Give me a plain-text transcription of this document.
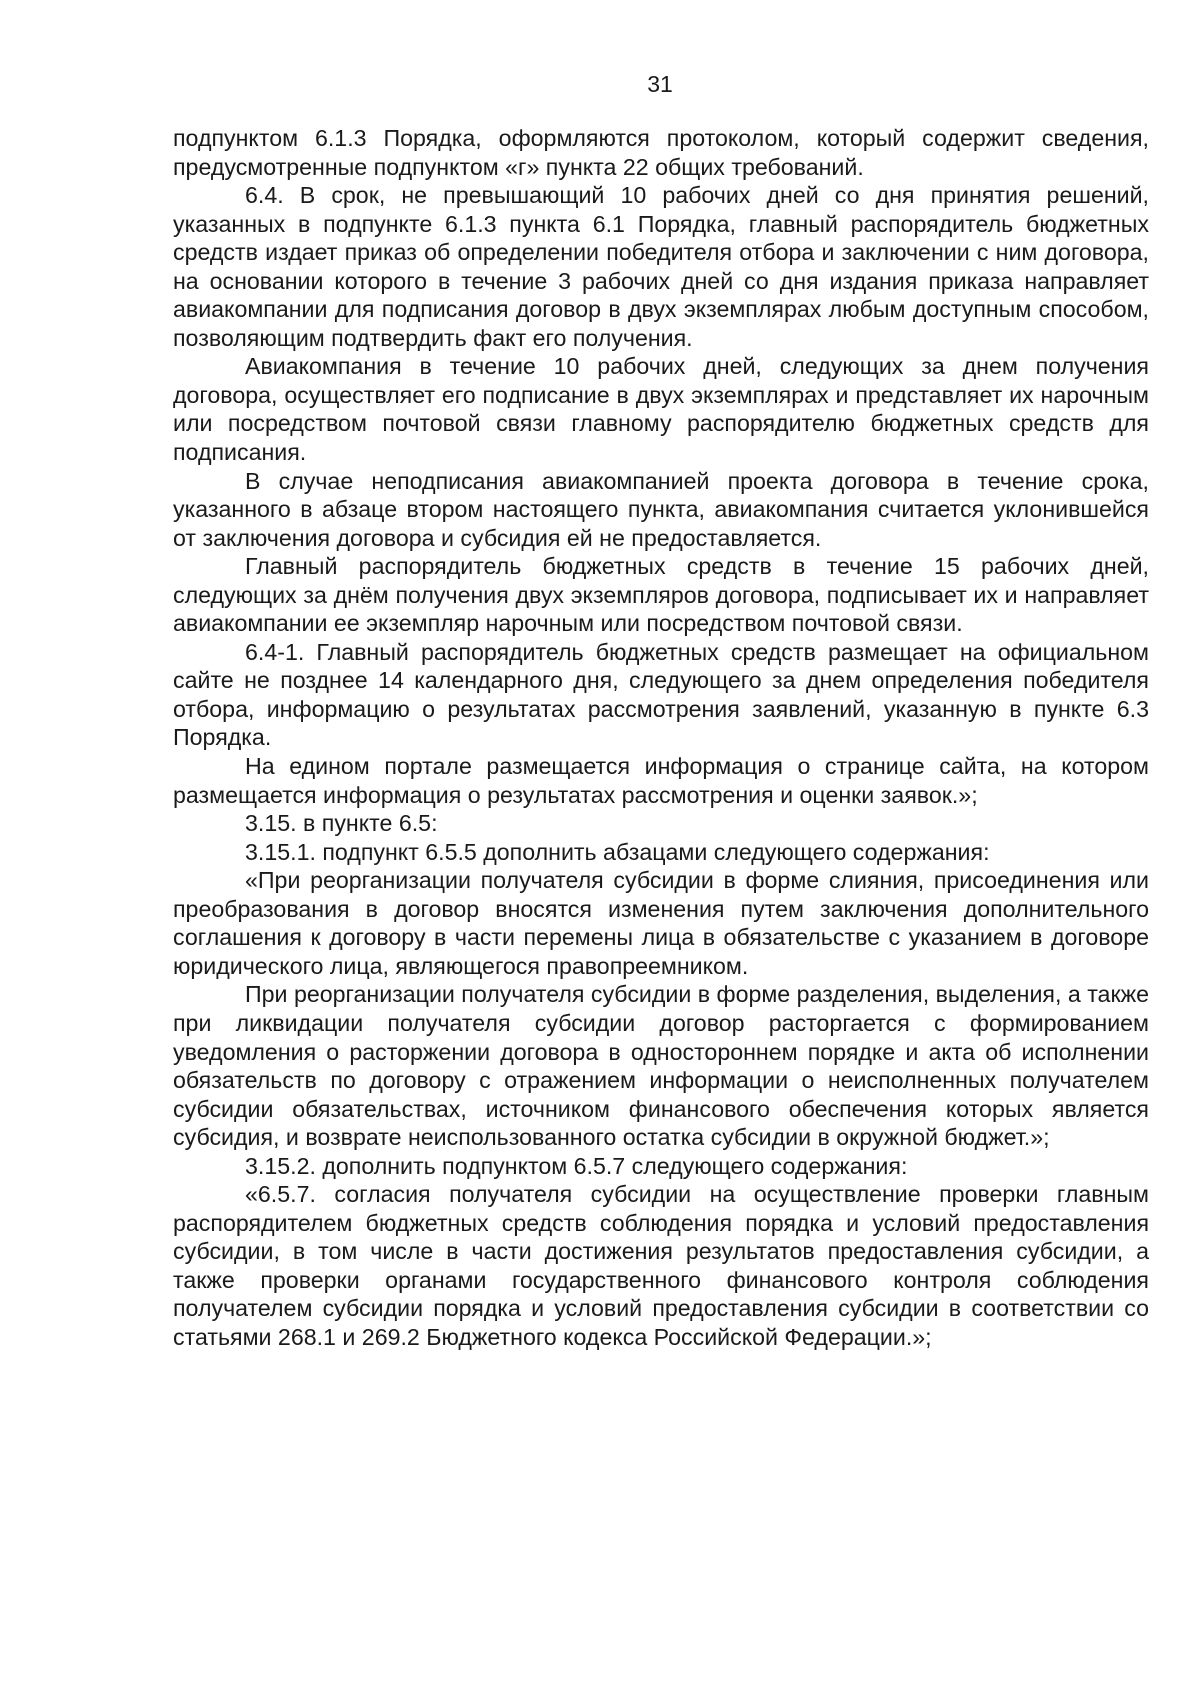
31

подпунктом 6.1.3 Порядка, оформляются протоколом, который содержит сведения, предусмотренные подпунктом «г» пункта 22 общих требований.

6.4. В срок, не превышающий 10 рабочих дней со дня принятия решений, указанных в подпункте 6.1.3 пункта 6.1 Порядка, главный распорядитель бюджетных средств издает приказ об определении победителя отбора и заключении с ним договора, на основании которого в течение 3 рабочих дней со дня издания приказа направляет авиакомпании для подписания договор в двух экземплярах любым доступным способом, позволяющим подтвердить факт его получения.

Авиакомпания в течение 10 рабочих дней, следующих за днем получения договора, осуществляет его подписание в двух экземплярах и представляет их нарочным или посредством почтовой связи главному распорядителю бюджетных средств для подписания.

В случае неподписания авиакомпанией проекта договора в течение срока, указанного в абзаце втором настоящего пункта, авиакомпания считается уклонившейся от заключения договора и субсидия ей не предоставляется.

Главный распорядитель бюджетных средств в течение 15 рабочих дней, следующих за днём получения двух экземпляров договора, подписывает их и направляет авиакомпании ее экземпляр нарочным или посредством почтовой связи.

6.4-1. Главный распорядитель бюджетных средств размещает на официальном сайте не позднее 14 календарного дня, следующего за днем определения победителя отбора, информацию о результатах рассмотрения заявлений, указанную в пункте 6.3 Порядка.

На едином портале размещается информация о странице сайта, на котором размещается информация о результатах рассмотрения и оценки заявок.»;

3.15. в пункте 6.5:

3.15.1. подпункт 6.5.5 дополнить абзацами следующего содержания:

«При реорганизации получателя субсидии в форме слияния, присоединения или преобразования в договор вносятся изменения путем заключения дополнительного соглашения к договору в части перемены лица в обязательстве с указанием в договоре юридического лица, являющегося правопреемником.

При реорганизации получателя субсидии в форме разделения, выделения, а также при ликвидации получателя субсидии договор расторгается с формированием уведомления о расторжении договора в одностороннем порядке и акта об исполнении обязательств по договору с отражением информации о неисполненных получателем субсидии обязательствах, источником финансового обеспечения которых является субсидия, и возврате неиспользованного остатка субсидии в окружной бюджет.»;

3.15.2. дополнить подпунктом 6.5.7 следующего содержания:

«6.5.7. согласия получателя субсидии на осуществление проверки главным распорядителем бюджетных средств соблюдения порядка и условий предоставления субсидии, в том числе в части достижения результатов предоставления субсидии, а также проверки органами государственного финансового контроля соблюдения получателем субсидии порядка и условий предоставления субсидии в соответствии со статьями 268.1 и 269.2 Бюджетного кодекса Российской Федерации.»;
